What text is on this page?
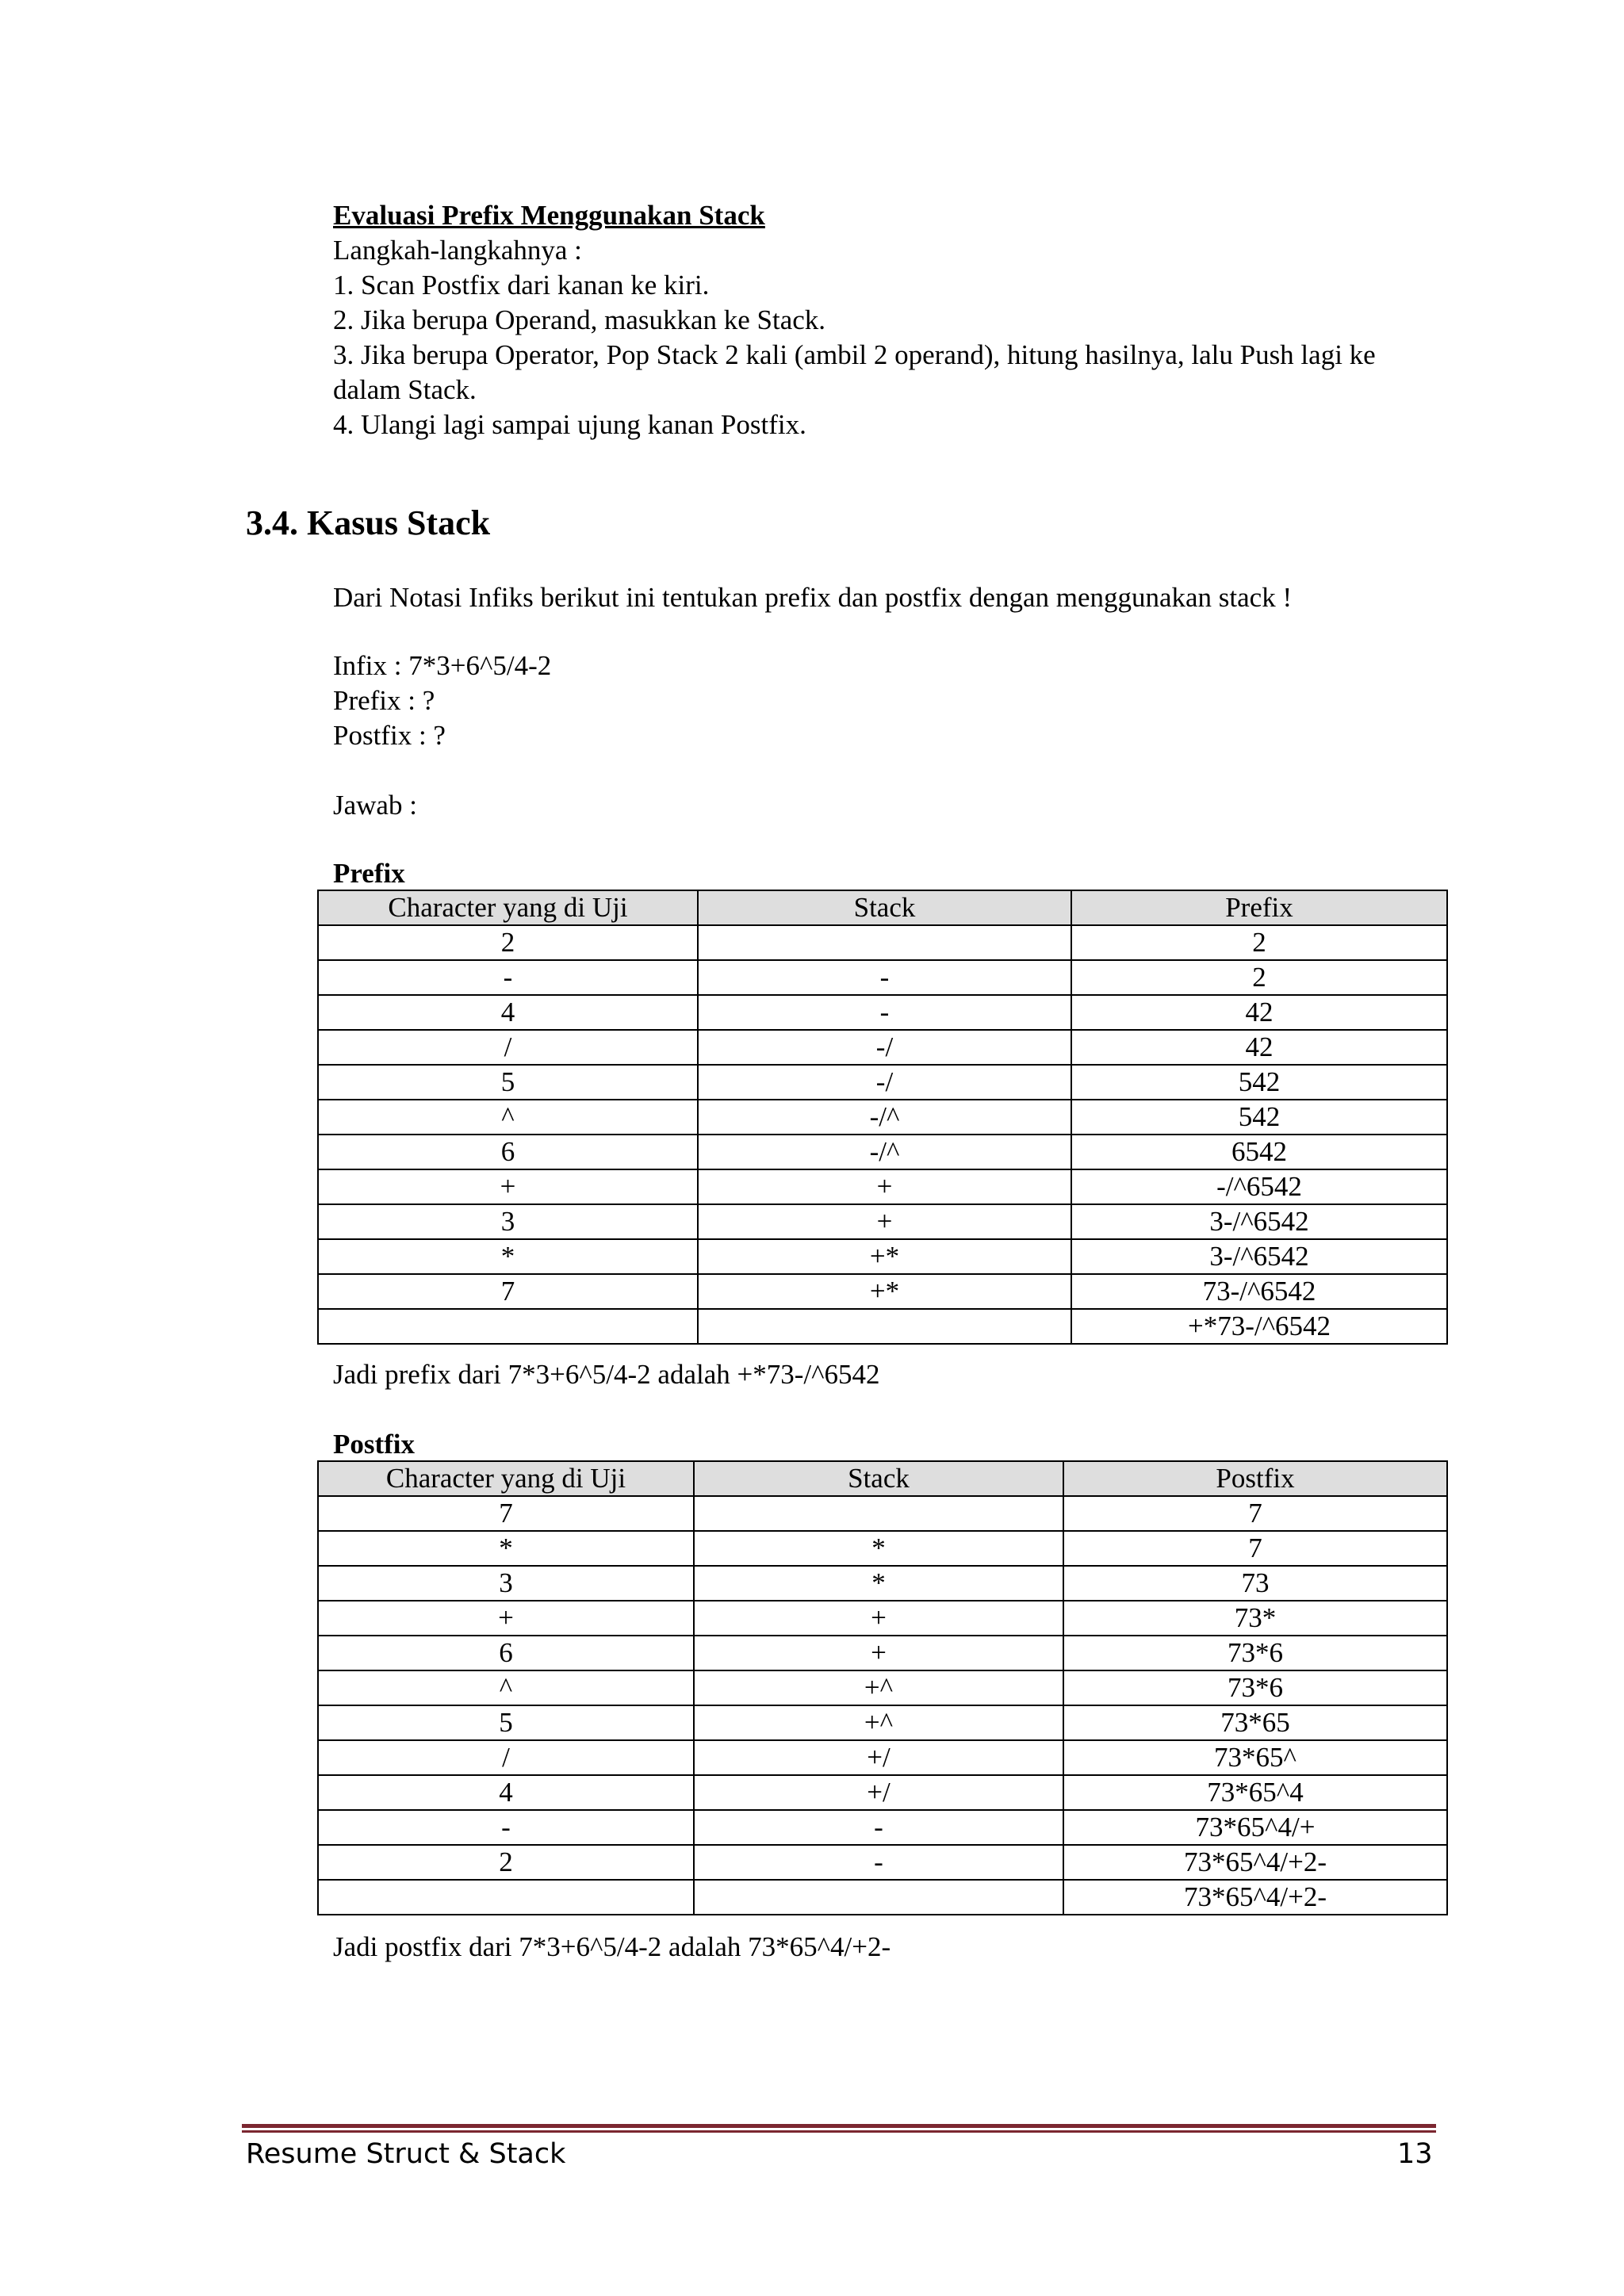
Evaluasi Prefix Menggunakan Stack
Langkah-langkahnya :
1. Scan Postfix dari kanan ke kiri.
2. Jika berupa Operand, masukkan ke Stack.
3. Jika berupa Operator, Pop Stack 2 kali (ambil 2 operand), hitung hasilnya, lalu Push lagi ke dalam Stack.
4. Ulangi lagi sampai ujung kanan Postfix.
3.4. Kasus Stack
Dari Notasi Infiks berikut ini tentukan prefix dan postfix dengan menggunakan stack !
Infix : 7*3+6^5/4-2
Prefix : ?
Postfix : ?
Jawab :
Prefix
Character yang di Uji	Stack	Prefix
2		2
-	-	2
4	-	42
/	-/	42
5	-/	542
^	-/^	542
6	-/^	6542
+	+	-/^6542
3	+	3-/^6542
*	+*	3-/^6542
7	+*	73-/^6542
		+*73-/^6542
Jadi prefix dari 7*3+6^5/4-2 adalah +*73-/^6542
Postfix
Character yang di Uji	Stack	Postfix
7		7
*	*	7
3	*	73
+	+	73*
6	+	73*6
^	+^	73*6
5	+^	73*65
/	+/	73*65^
4	+/	73*65^4
-	-	73*65^4/+
2	-	73*65^4/+2-
		73*65^4/+2-
Jadi postfix dari 7*3+6^5/4-2 adalah 73*65^4/+2-
Resume Struct & Stack	13
